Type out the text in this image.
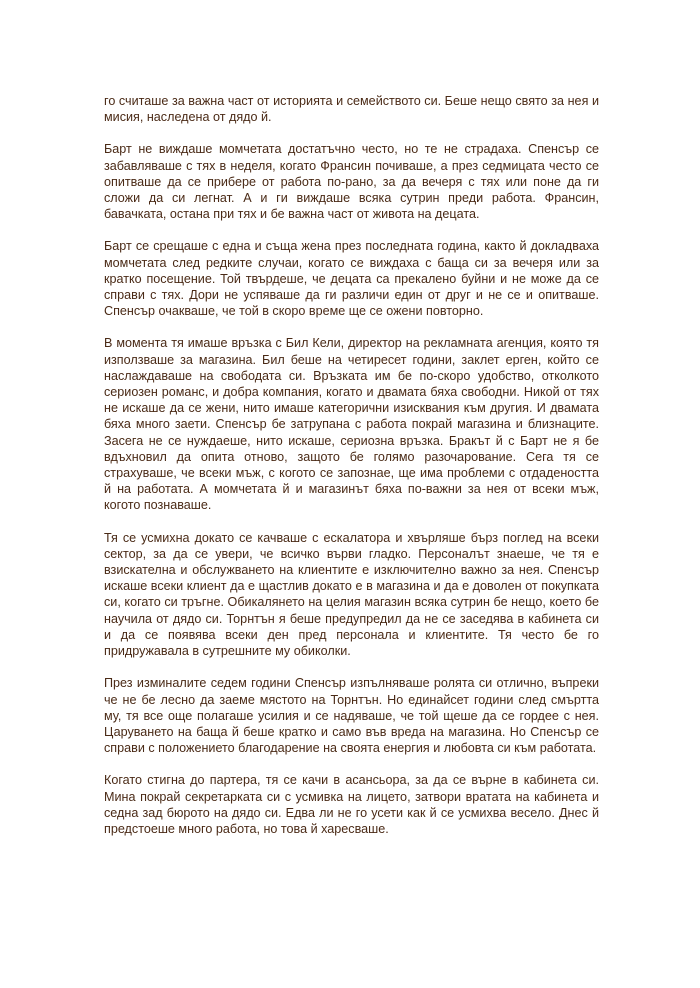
го считаше за важна част от историята и семейството си. Беше нещо свято за нея и мисия, наследена от дядо й.

Барт не виждаше момчетата достатъчно често, но те не страдаха. Спенсър се забавляваше с тях в неделя, когато Франсин почиваше, а през седмицата често се опитваше да се прибере от работа по-рано, за да вечеря с тях или поне да ги сложи да си легнат. А и ги виждаше всяка сутрин преди работа. Франсин, бавачката, остана при тях и бе важна част от живота на децата.

Барт се срещаше с една и съща жена през последната година, както й докладваха момчетата след редките случаи, когато се виждаха с баща си за вечеря или за кратко посещение. Той твърдеше, че децата са прекалено буйни и не може да се справи с тях. Дори не успяваше да ги различи един от друг и не се и опитваше. Спенсър очакваше, че той в скоро време ще се ожени повторно.

В момента тя имаше връзка с Бил Кели, директор на рекламната агенция, която тя използваше за магазина. Бил беше на четиресет години, заклет ерген, който се наслаждаваше на свободата си. Връзката им бе по-скоро удобство, отколкото сериозен романс, и добра компания, когато и двамата бяха свободни. Никой от тях не искаше да се жени, нито имаше категорични изисквания към другия. И двамата бяха много заети. Спенсър бе затрупана с работа покрай магазина и близнаците. Засега не се нуждаеше, нито искаше, сериозна връзка. Бракът й с Барт не я бе вдъхновил да опита отново, защото бе голямо разочарование. Сега тя се страхуваше, че всеки мъж, с когото се запознае, ще има проблеми с отдадеността й на работата. А момчетата й и магазинът бяха по-важни за нея от всеки мъж, когото познаваше.

Тя се усмихна докато се качваше с ескалатора и хвърляше бърз поглед на всеки сектор, за да се увери, че всичко върви гладко. Персоналът знаеше, че тя е взискателна и обслужването на клиентите е изключително важно за нея. Спенсър искаше всеки клиент да е щастлив докато е в магазина и да е доволен от покупката си, когато си тръгне. Обикалянето на целия магазин всяка сутрин бе нещо, което бе научила от дядо си. Торнтън я беше предупредил да не се заседява в кабинета си и да се появява всеки ден пред персонала и клиентите. Тя често бе го придружавала в сутрешните му обиколки.

През изминалите седем години Спенсър изпълняваше ролята си отлично, въпреки че не бе лесно да заеме мястото на Торнтън. Но единайсет години след смъртта му, тя все още полагаше усилия и се надяваше, че той щеше да се гордее с нея. Царуването на баща й беше кратко и само във вреда на магазина. Но Спенсър се справи с положението благодарение на своята енергия и любовта си към работата.

Когато стигна до партера, тя се качи в асансьора, за да се върне в кабинета си. Мина покрай секретарката си с усмивка на лицето, затвори вратата на кабинета и седна зад бюрото на дядо си. Едва ли не го усети как й се усмихва весело. Днес й предстоеше много работа, но това й харесваше.
